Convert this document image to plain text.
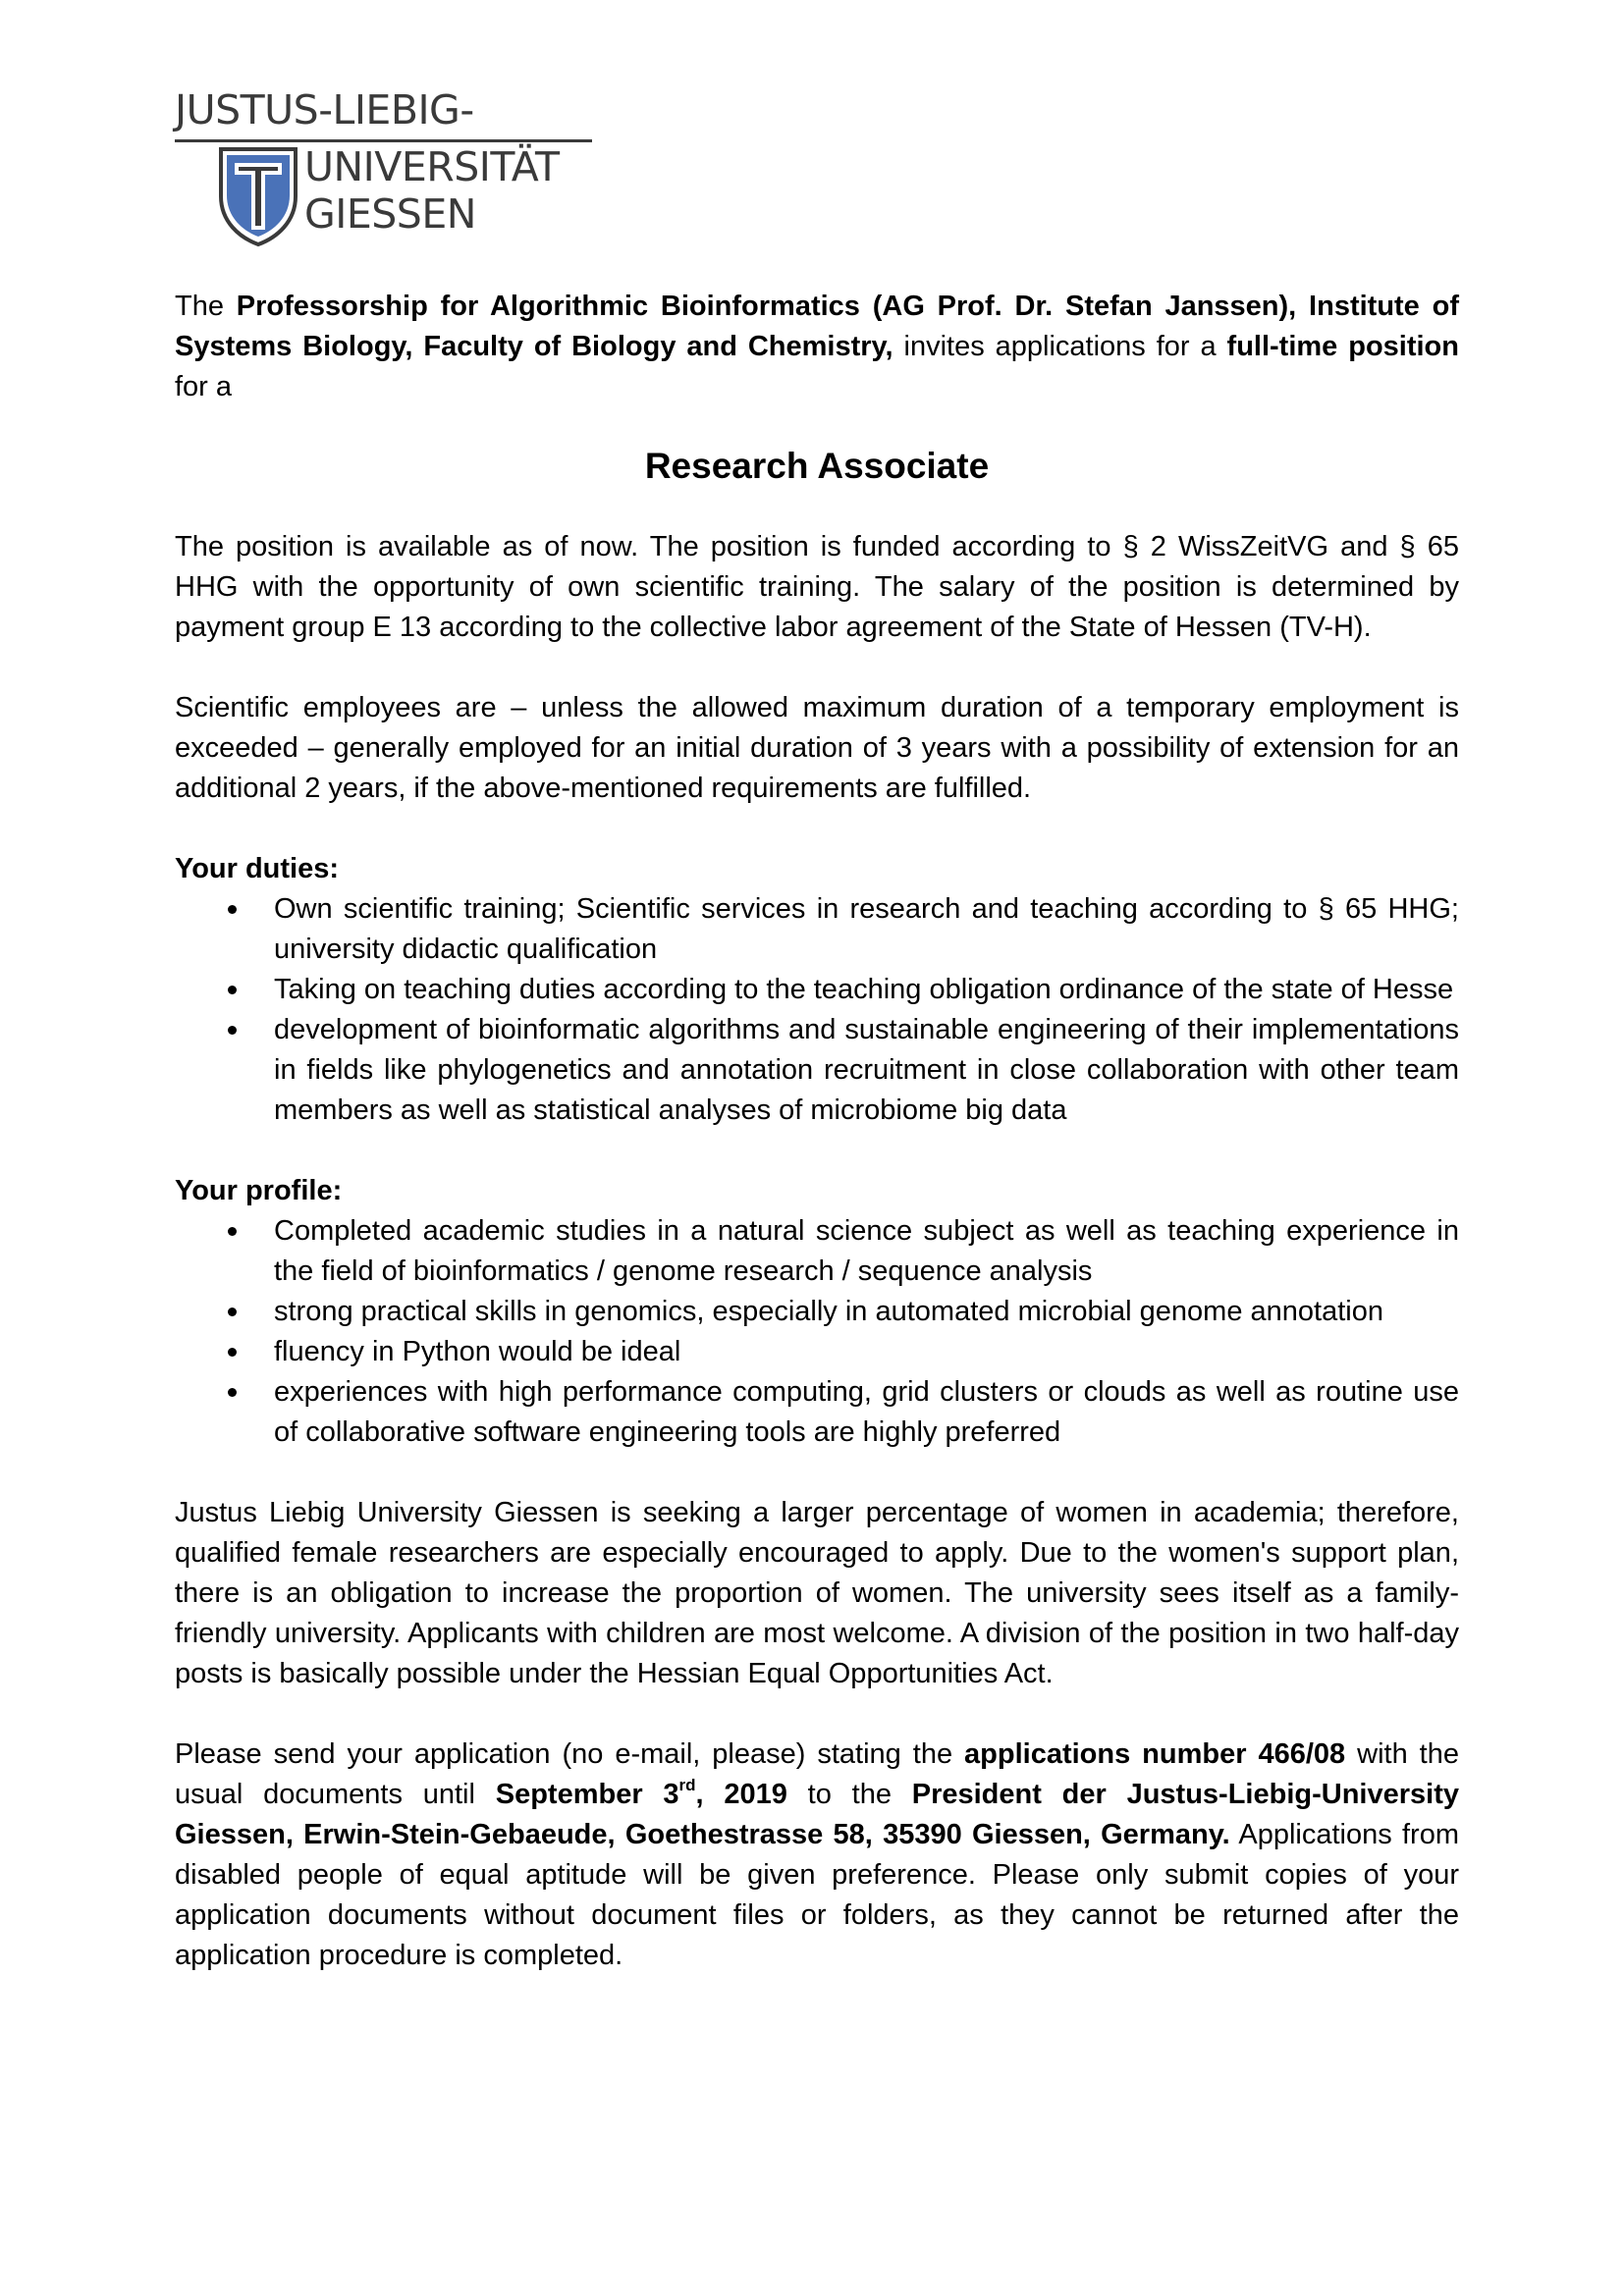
JUSTUS-LIEBIG-
UNIVERSITÄT
GIESSEN

The Professorship for Algorithmic Bioinformatics (AG Prof. Dr. Stefan Janssen), Institute of Systems Biology, Faculty of Biology and Chemistry, invites applications for a full-time position for a

Research Associate

The position is available as of now. The position is funded according to § 2 WissZeitVG and § 65 HHG with the opportunity of own scientific training. The salary of the position is determined by payment group E 13 according to the collective labor agreement of the State of Hessen (TV-H).

Scientific employees are – unless the allowed maximum duration of a temporary employment is exceeded – generally employed for an initial duration of 3 years with a possibility of extension for an additional 2 years, if the above-mentioned requirements are fulfilled.

Your duties:

Own scientific training; Scientific services in research and teaching according to § 65 HHG; university didactic qualification
Taking on teaching duties according to the teaching obligation ordinance of the state of Hesse
development of bioinformatic algorithms and sustainable engineering of their implementations in fields like phylogenetics and annotation recruitment in close collaboration with other team members as well as statistical analyses of microbiome big data

Your profile:

Completed academic studies in a natural science subject as well as teaching experience in the field of bioinformatics / genome research / sequence analysis
strong practical skills in genomics, especially in automated microbial genome annotation
fluency in Python would be ideal
experiences with high performance computing, grid clusters or clouds as well as routine use of collaborative software engineering tools are highly preferred

Justus Liebig University Giessen is seeking a larger percentage of women in academia; therefore, qualified female researchers are especially encouraged to apply. Due to the women's support plan, there is an obligation to increase the proportion of women. The university sees itself as a family-friendly university. Applicants with children are most welcome. A division of the position in two half-day posts is basically possible under the Hessian Equal Opportunities Act.

Please send your application (no e-mail, please) stating the applications number 466/08 with the usual documents until September 3rd, 2019 to the President der Justus-Liebig-University Giessen, Erwin-Stein-Gebaeude, Goethestrasse 58, 35390 Giessen, Germany. Applications from disabled people of equal aptitude will be given preference. Please only submit copies of your application documents without document files or folders, as they cannot be returned after the application procedure is completed.
